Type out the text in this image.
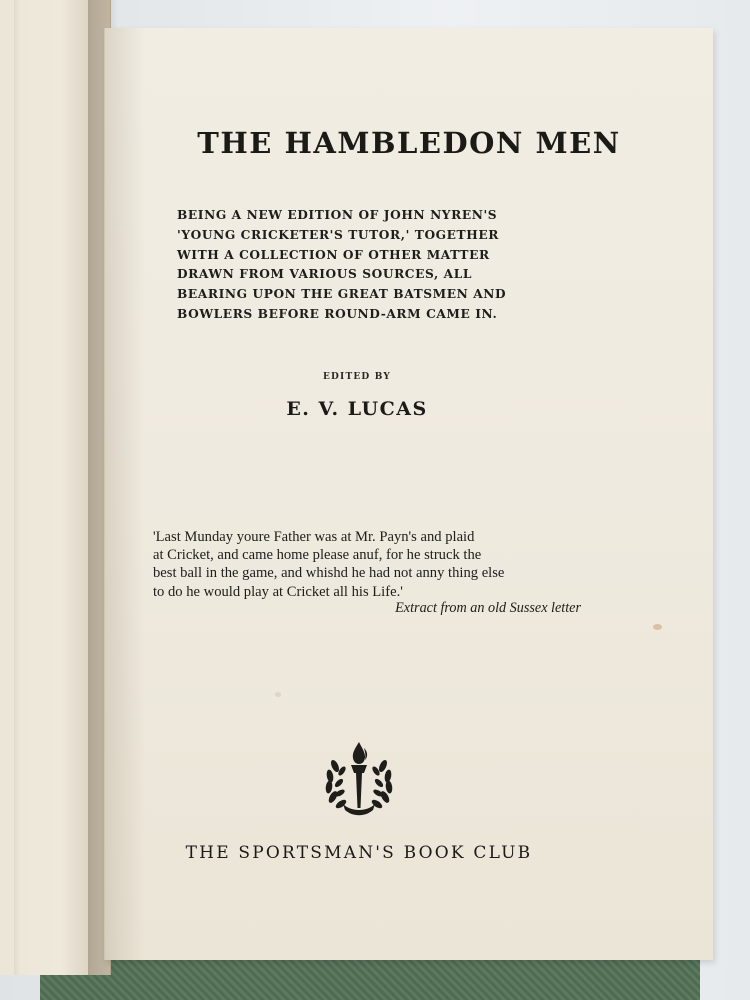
THE HAMBLEDON MEN
BEING A NEW EDITION OF JOHN NYREN'S
'YOUNG CRICKETER'S TUTOR,' TOGETHER
WITH A COLLECTION OF OTHER MATTER
DRAWN FROM VARIOUS SOURCES, ALL
BEARING UPON THE GREAT BATSMEN AND
BOWLERS BEFORE ROUND-ARM CAME IN.
EDITED BY
E. V. LUCAS
'Last Munday youre Father was at Mr. Payn's and plaid
at Cricket, and came home please anuf, for he struck the
best ball in the game, and whishd he had not anny thing else
to do he would play at Cricket all his Life.'
Extract from an old Sussex letter
THE SPORTSMAN'S BOOK CLUB
